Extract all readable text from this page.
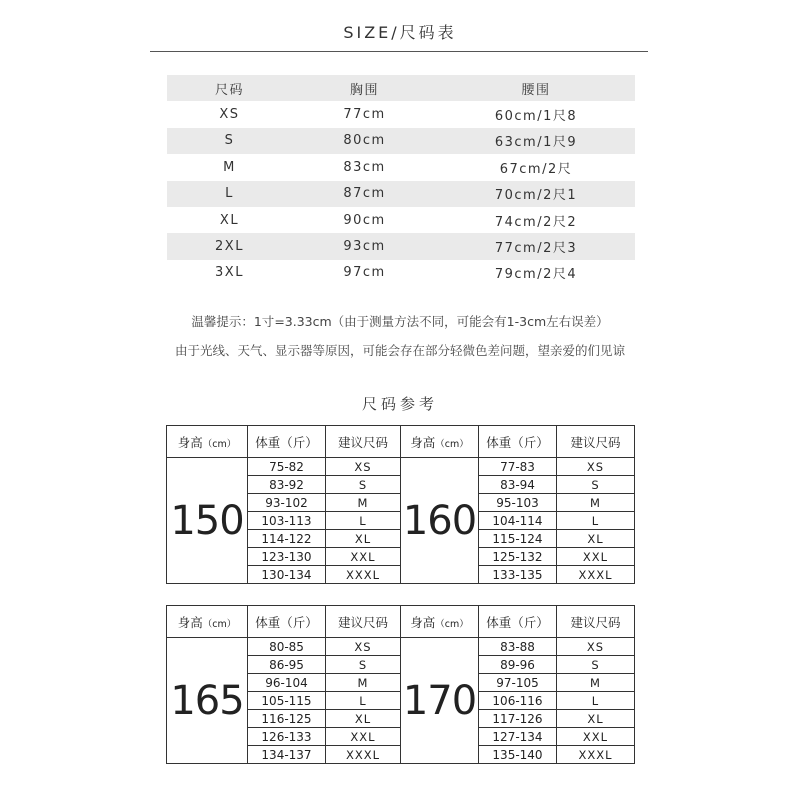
SIZE/尺码表
尺码	胸围	腰围
XS	77cm	60cm/1尺8
S	80cm	63cm/1尺9
M	83cm	67cm/2尺
L	87cm	70cm/2尺1
XL	90cm	74cm/2尺2
2XL	93cm	77cm/2尺3
3XL	97cm	79cm/2尺4
温馨提示：1寸=3.33cm（由于测量方法不同，可能会有1-3cm左右误差）
由于光线、天气、显示器等原因，可能会存在部分轻微色差问题，望亲爱的们见谅
尺码参考
身高（cm）	体重（斤）	建议尺码	身高（cm）	体重（斤）	建议尺码
150	75-82	XS	160	77-83	XS
	83-92	S		83-94	S
	93-102	M		95-103	M
	103-113	L		104-114	L
	114-122	XL		115-124	XL
	123-130	XXL		125-132	XXL
	130-134	XXXL		133-135	XXXL
身高（cm）	体重（斤）	建议尺码	身高（cm）	体重（斤）	建议尺码
165	80-85	XS	170	83-88	XS
	86-95	S		89-96	S
	96-104	M		97-105	M
	105-115	L		106-116	L
	116-125	XL		117-126	XL
	126-133	XXL		127-134	XXL
	134-137	XXXL		135-140	XXXL
